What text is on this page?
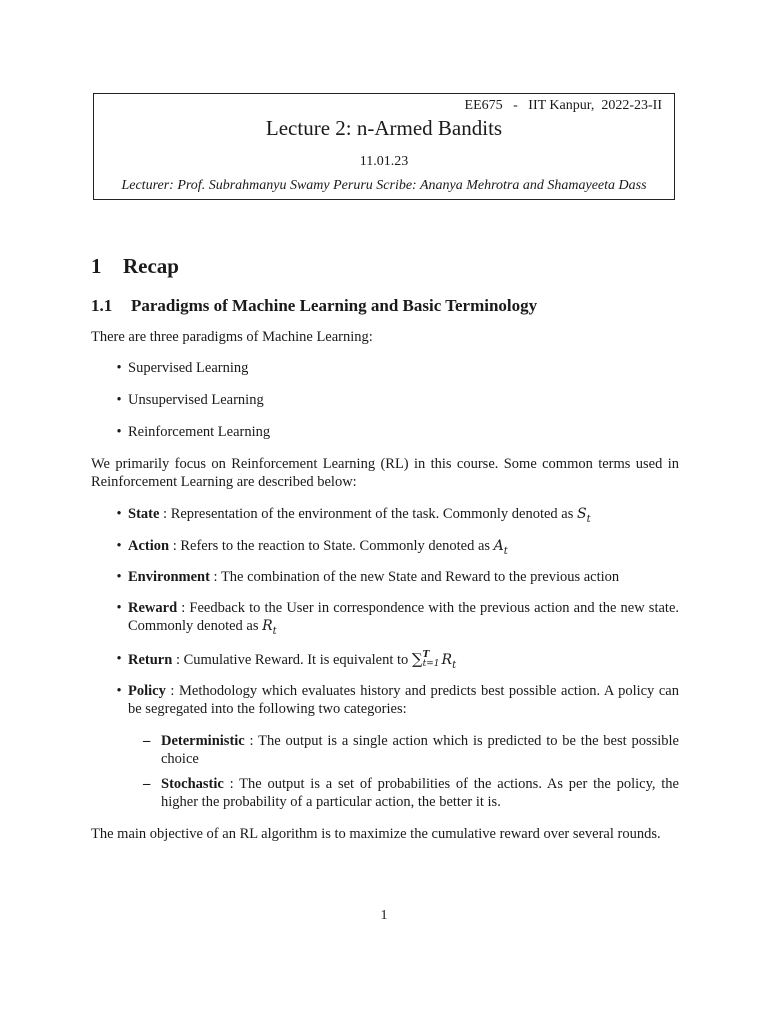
EE675   -   IIT Kanpur,  2022-23-II
Lecture 2: n-Armed Bandits
11.01.23
Lecturer: Prof. Subrahmanyu Swamy Peruru Scribe: Ananya Mehrotra and Shamayeeta Dass
1 Recap
1.1 Paradigms of Machine Learning and Basic Terminology
There are three paradigms of Machine Learning:
• Supervised Learning
• Unsupervised Learning
• Reinforcement Learning
We primarily focus on Reinforcement Learning (RL) in this course. Some common terms used in Reinforcement Learning are described below:
• State : Representation of the environment of the task. Commonly denoted as $S_t$
• Action : Refers to the reaction to State. Commonly denoted as $A_t$
• Environment : The combination of the new State and Reward to the previous action
• Reward : Feedback to the User in correspondence with the previous action and the new state. Commonly denoted as $R_t$
• Return : Cumulative Reward. It is equivalent to ∑T
t=1 $R_t$
• Policy : Methodology which evaluates history and predicts best possible action. A policy can be segregated into the following two categories:
– Deterministic : The output is a single action which is predicted to be the best possible choice
– Stochastic : The output is a set of probabilities of the actions. As per the policy, the higher the probability of a particular action, the better it is.
The main objective of an RL algorithm is to maximize the cumulative reward over several rounds.
1
